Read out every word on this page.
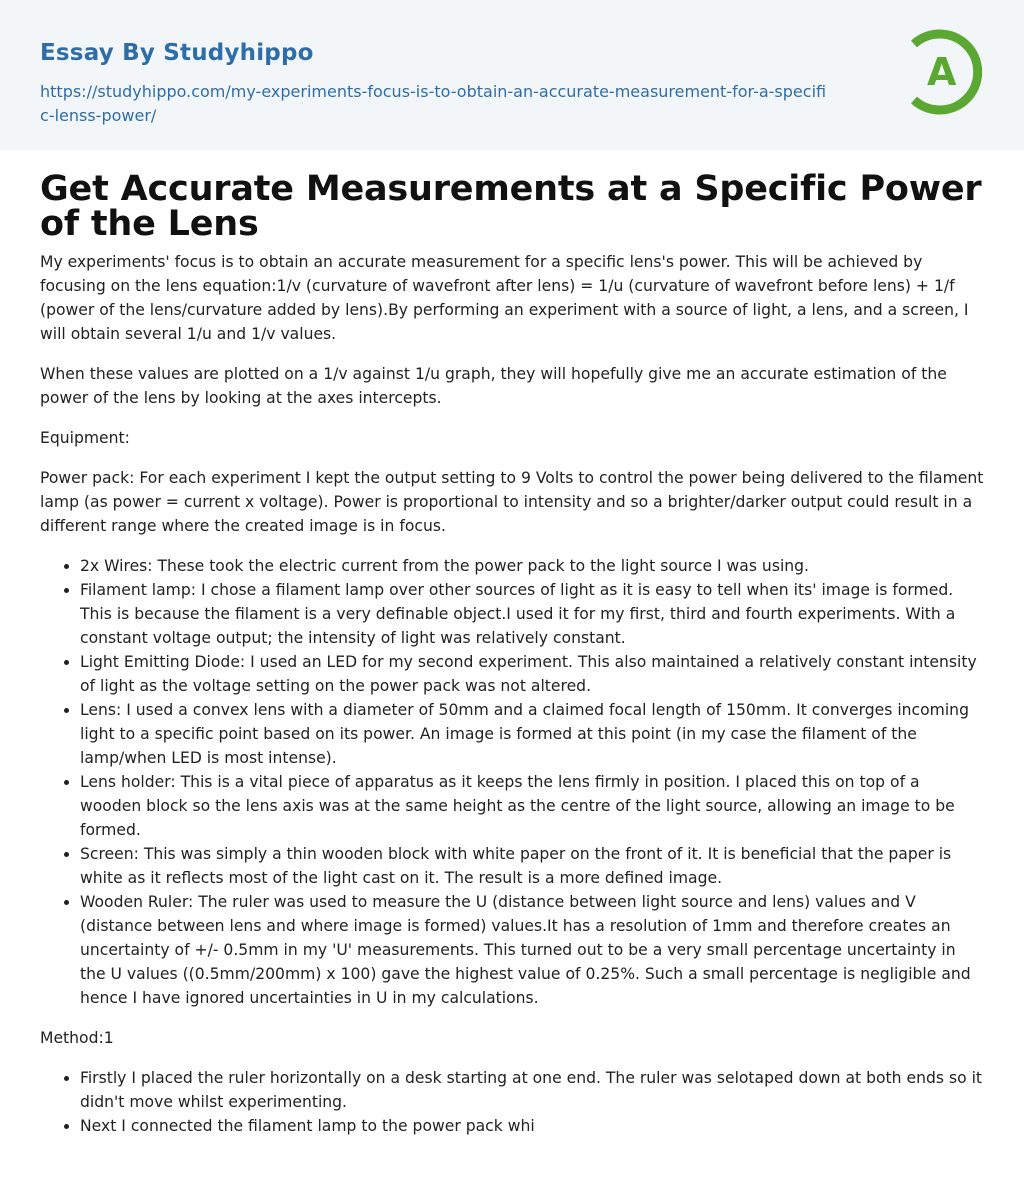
Essay By Studyhippo
https://studyhippo.com/my-experiments-focus-is-to-obtain-an-accurate-measurement-for-a-specific-lenss-power/
A
Get Accurate Measurements at a Specific Power of the Lens

My experiments' focus is to obtain an accurate measurement for a specific lens's power. This will be achieved by focusing on the lens equation:1/v (curvature of wavefront after lens) = 1/u (curvature of wavefront before lens) + 1/f (power of the lens/curvature added by lens).By performing an experiment with a source of light, a lens, and a screen, I will obtain several 1/u and 1/v values.

When these values are plotted on a 1/v against 1/u graph, they will hopefully give me an accurate estimation of the power of the lens by looking at the axes intercepts.

Equipment:

Power pack: For each experiment I kept the output setting to 9 Volts to control the power being delivered to the filament lamp (as power = current x voltage). Power is proportional to intensity and so a brighter/darker output could result in a different range where the created image is in focus.

• 2x Wires: These took the electric current from the power pack to the light source I was using.
• Filament lamp: I chose a filament lamp over other sources of light as it is easy to tell when its' image is formed. This is because the filament is a very definable object.I used it for my first, third and fourth experiments. With a constant voltage output; the intensity of light was relatively constant.
• Light Emitting Diode: I used an LED for my second experiment. This also maintained a relatively constant intensity of light as the voltage setting on the power pack was not altered.
• Lens: I used a convex lens with a diameter of 50mm and a claimed focal length of 150mm. It converges incoming light to a specific point based on its power. An image is formed at this point (in my case the filament of the lamp/when LED is most intense).
• Lens holder: This is a vital piece of apparatus as it keeps the lens firmly in position. I placed this on top of a wooden block so the lens axis was at the same height as the centre of the light source, allowing an image to be formed.
• Screen: This was simply a thin wooden block with white paper on the front of it. It is beneficial that the paper is white as it reflects most of the light cast on it. The result is a more defined image.
• Wooden Ruler: The ruler was used to measure the U (distance between light source and lens) values and V (distance between lens and where image is formed) values.It has a resolution of 1mm and therefore creates an uncertainty of +/- 0.5mm in my 'U' measurements. This turned out to be a very small percentage uncertainty in the U values ((0.5mm/200mm) x 100) gave the highest value of 0.25%. Such a small percentage is negligible and hence I have ignored uncertainties in U in my calculations.

Method:1

• Firstly I placed the ruler horizontally on a desk starting at one end. The ruler was selotaped down at both ends so it didn't move whilst experimenting.
• Next I connected the filament lamp to the power pack whi
